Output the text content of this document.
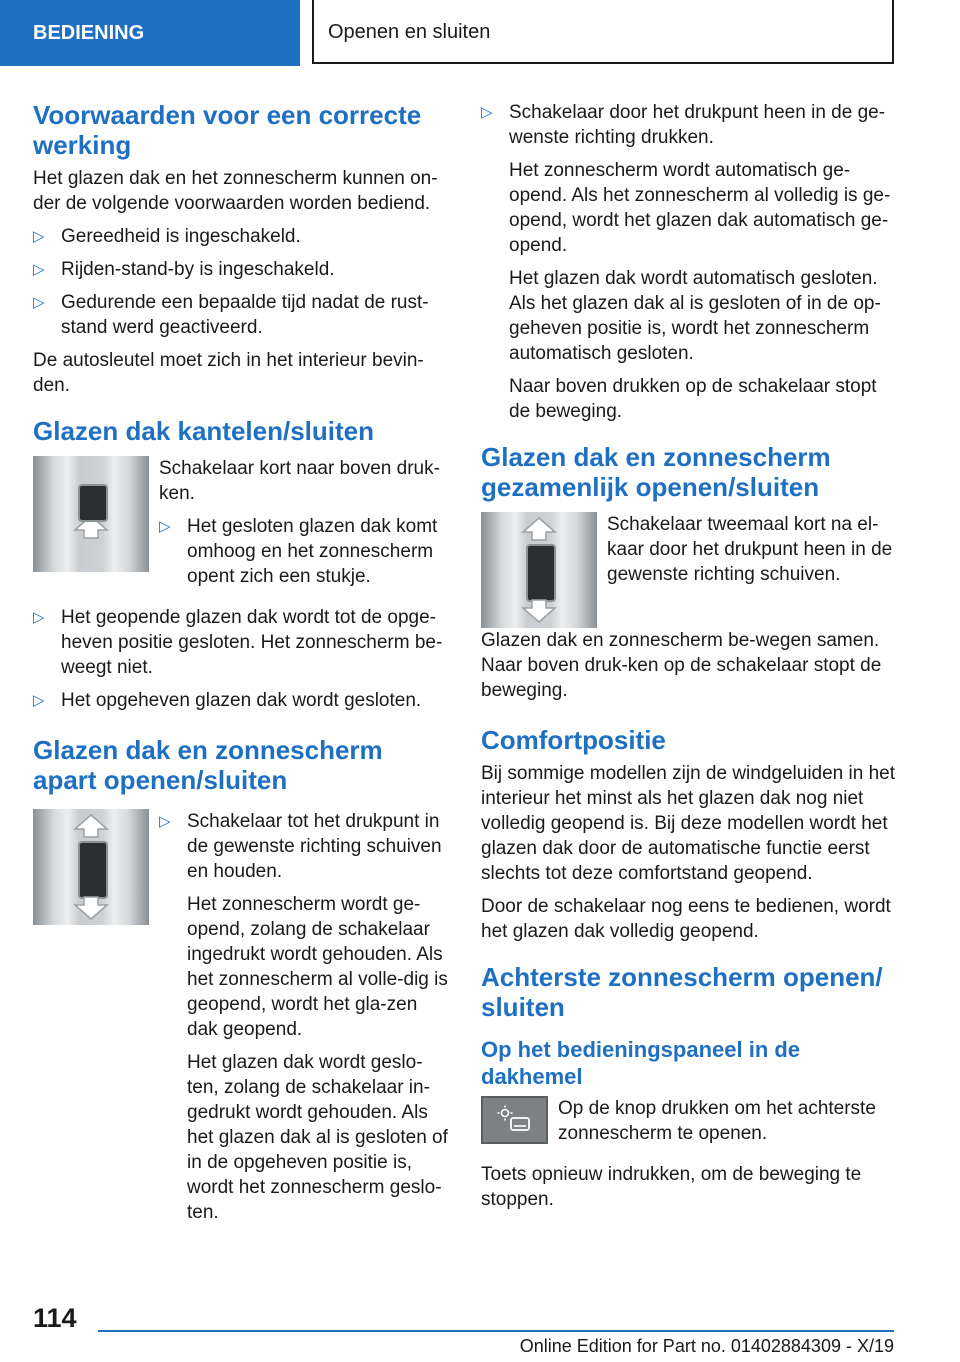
BEDIENING	Openen en sluiten
Voorwaarden voor een correcte werking

Het glazen dak en het zonnescherm kunnen on-der de volgende voorwaarden worden bediend.

▷ Gereedheid is ingeschakeld.
▷ Rijden-stand-by is ingeschakeld.
▷ Gedurende een bepaalde tijd nadat de rust-stand werd geactiveerd.

De autosleutel moet zich in het interieur bevin-den.

Glazen dak kantelen/sluiten

Schakelaar kort naar boven druk-ken.

▷ Het gesloten glazen dak komt omhoog en het zonnescherm opent zich een stukje.
▷ Het geopende glazen dak wordt tot de opge-heven positie gesloten. Het zonnescherm be-weegt niet.
▷ Het opgeheven glazen dak wordt gesloten.
Glazen dak en zonnescherm apart openen/sluiten
▷ Schakelaar tot het drukpunt in de gewenste richting schuiven en houden.

Het zonnescherm wordt ge-opend, zolang de schakelaar ingedrukt wordt gehouden. Als het zonnescherm al volle-dig is geopend, wordt het gla-zen dak geopend.

Het glazen dak wordt geslo-ten, zolang de schakelaar in-gedrukt wordt gehouden. Als het glazen dak al is gesloten of in de opgeheven positie is, wordt het zonnescherm geslo-ten.

▷ Schakelaar door het drukpunt heen in de ge-wenste richting drukken.

Het zonnescherm wordt automatisch ge-opend. Als het zonnescherm al volledig is ge-opend, wordt het glazen dak automatisch ge-opend.

Het glazen dak wordt automatisch gesloten. Als het glazen dak al is gesloten of in de op-geheven positie is, wordt het zonnescherm automatisch gesloten.

Naar boven drukken op de schakelaar stopt de beweging.

Glazen dak en zonnescherm gezamenlijk openen/sluiten

Schakelaar tweemaal kort na el-kaar door het drukpunt heen in de gewenste richting schuiven.

Glazen dak en zonnescherm be-wegen samen. Naar boven druk-ken op de schakelaar stopt de beweging.

Comfortpositie

Bij sommige modellen zijn de windgeluiden in het interieur het minst als het glazen dak nog niet volledig geopend is. Bij deze modellen wordt het glazen dak door de automatische functie eerst slechts tot deze comfortstand geopend.

Door de schakelaar nog eens te bedienen, wordt het glazen dak volledig geopend.

Achterste zonnescherm openen/ sluiten
Op het bedieningspaneel in de dakhemel

Op de knop drukken om het achterste zonnescherm te openen.

Toets opnieuw indrukken, om de beweging te stoppen.

114
Online Edition for Part no. 01402884309 - X/19
